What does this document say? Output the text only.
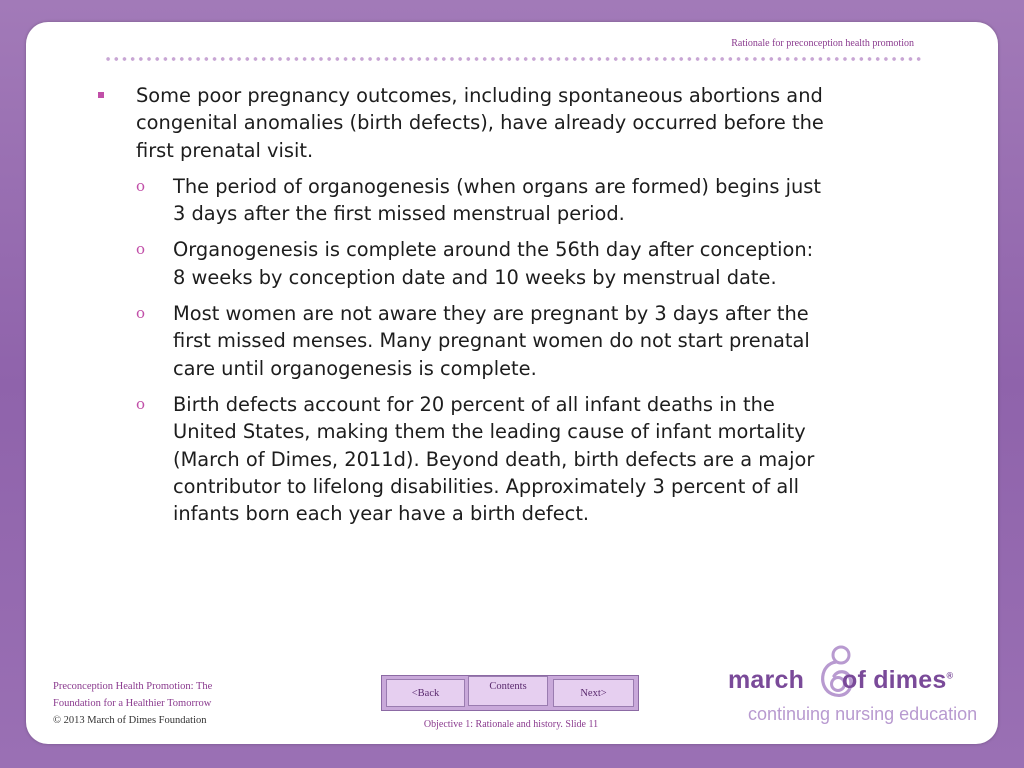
Rationale for preconception health promotion
Some poor pregnancy outcomes, including spontaneous abortions and congenital anomalies (birth defects), have already occurred before the first prenatal visit.
o The period of organogenesis (when organs are formed) begins just 3 days after the first missed menstrual period.
o Organogenesis is complete around the 56th day after conception: 8 weeks by conception date and 10 weeks by menstrual date.
o Most women are not aware they are pregnant by 3 days after the first missed menses. Many pregnant women do not start prenatal care until organogenesis is complete.
o Birth defects account for 20 percent of all infant deaths in the United States, making them the leading cause of infant mortality (March of Dimes, 2011d). Beyond death, birth defects are a major contributor to lifelong disabilities. Approximately 3 percent of all infants born each year have a birth defect.
Preconception Health Promotion: The
Foundation for a Healthier Tomorrow
© 2013 March of Dimes Foundation
<Back
Contents
Next>
Objective 1: Rationale and history. Slide 11
march of dimes®
continuing nursing education
